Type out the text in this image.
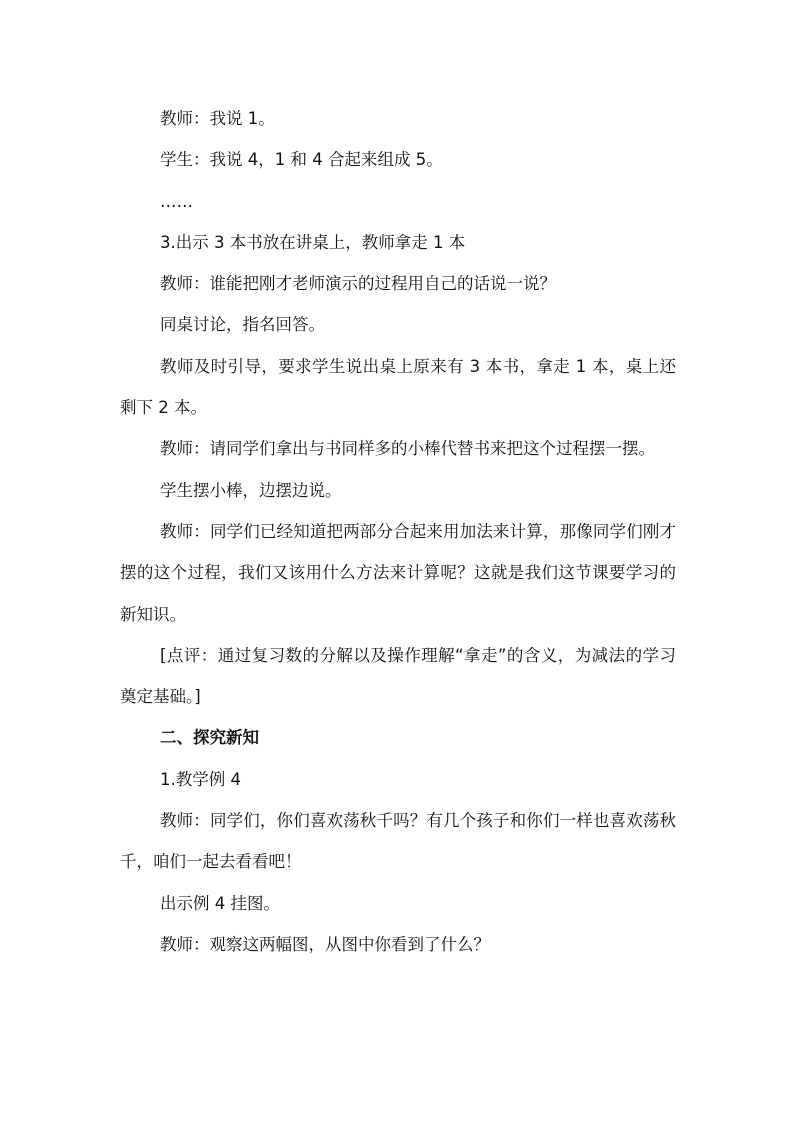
教师：我说 1。

学生：我说 4，1 和 4 合起来组成 5。

……

3.出示 3 本书放在讲桌上，教师拿走 1 本

教师：谁能把刚才老师演示的过程用自己的话说一说？

同桌讨论，指名回答。

教师及时引导，要求学生说出桌上原来有 3 本书，拿走 1 本，桌上还剩下 2 本。

教师：请同学们拿出与书同样多的小棒代替书来把这个过程摆一摆。

学生摆小棒，边摆边说。

教师：同学们已经知道把两部分合起来用加法来计算，那像同学们刚才摆的这个过程，我们又该用什么方法来计算呢？这就是我们这节课要学习的新知识。

[点评：通过复习数的分解以及操作理解“拿走”的含义，为减法的学习奠定基础。]

二、探究新知

1.教学例 4

教师：同学们，你们喜欢荡秋千吗？有几个孩子和你们一样也喜欢荡秋千，咱们一起去看看吧！

出示例 4 挂图。

教师：观察这两幅图，从图中你看到了什么？
